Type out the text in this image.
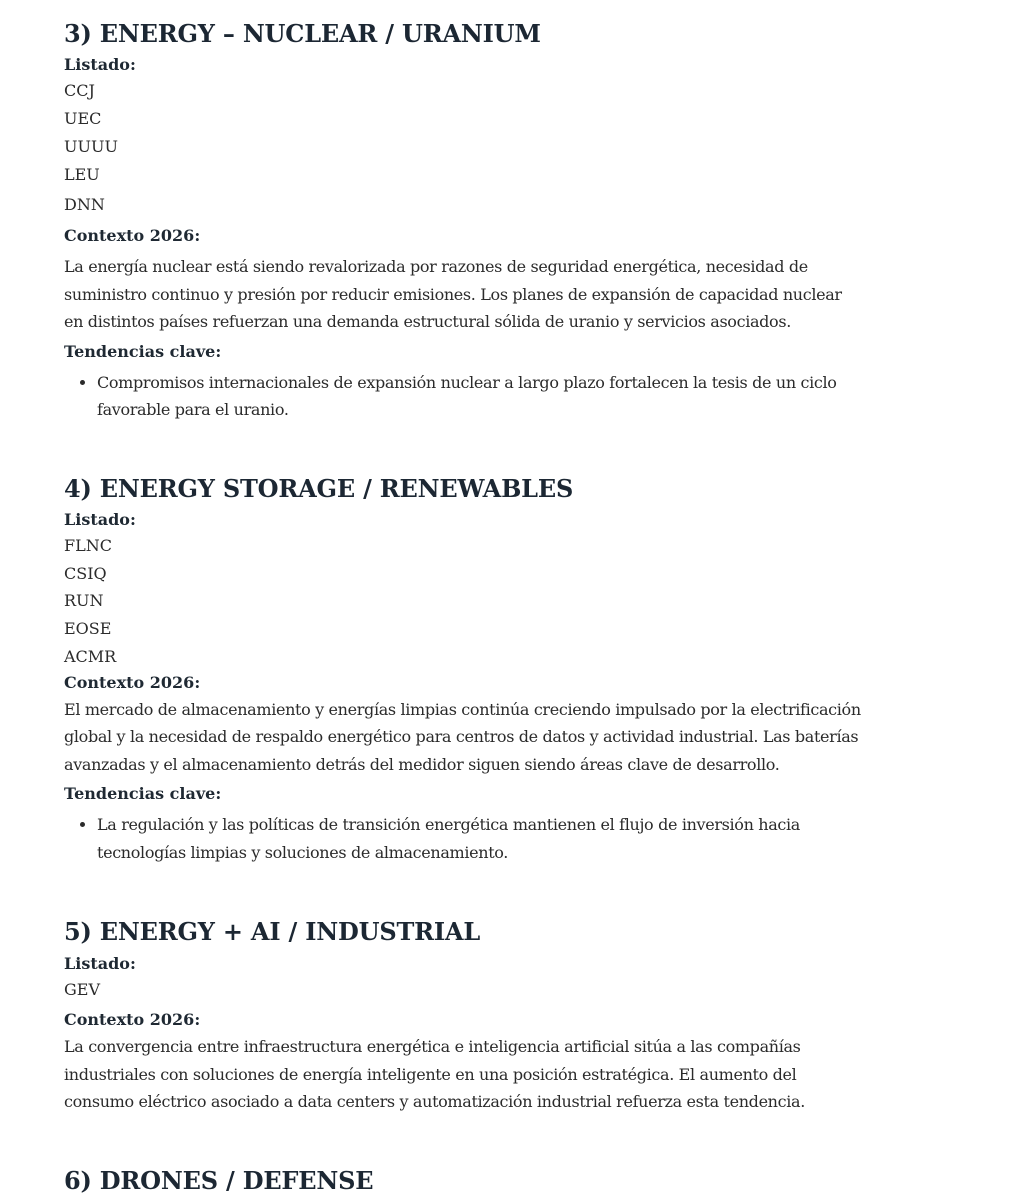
3) ENERGY – NUCLEAR / URANIUM

Listado:

CCJ

UEC

UUUU

LEU

DNN

Contexto 2026:

La energía nuclear está siendo revalorizada por razones de seguridad energética, necesidad de suministro continuo y presión por reducir emisiones. Los planes de expansión de capacidad nuclear en distintos países refuerzan una demanda estructural sólida de uranio y servicios asociados.

Tendencias clave:

• Compromisos internacionales de expansión nuclear a largo plazo fortalecen la tesis de un ciclo favorable para el uranio.
4) ENERGY STORAGE / RENEWABLES

Listado:

FLNC

CSIQ

RUN

EOSE

ACMR

Contexto 2026:

El mercado de almacenamiento y energías limpias continúa creciendo impulsado por la electrificación global y la necesidad de respaldo energético para centros de datos y actividad industrial. Las baterías avanzadas y el almacenamiento detrás del medidor siguen siendo áreas clave de desarrollo.

Tendencias clave:

• La regulación y las políticas de transición energética mantienen el flujo de inversión hacia tecnologías limpias y soluciones de almacenamiento.
5) ENERGY + AI / INDUSTRIAL

Listado:

GEV

Contexto 2026:

La convergencia entre infraestructura energética e inteligencia artificial sitúa a las compañías industriales con soluciones de energía inteligente en una posición estratégica. El aumento del consumo eléctrico asociado a data centers y automatización industrial refuerza esta tendencia.

6) DRONES / DEFENSE
